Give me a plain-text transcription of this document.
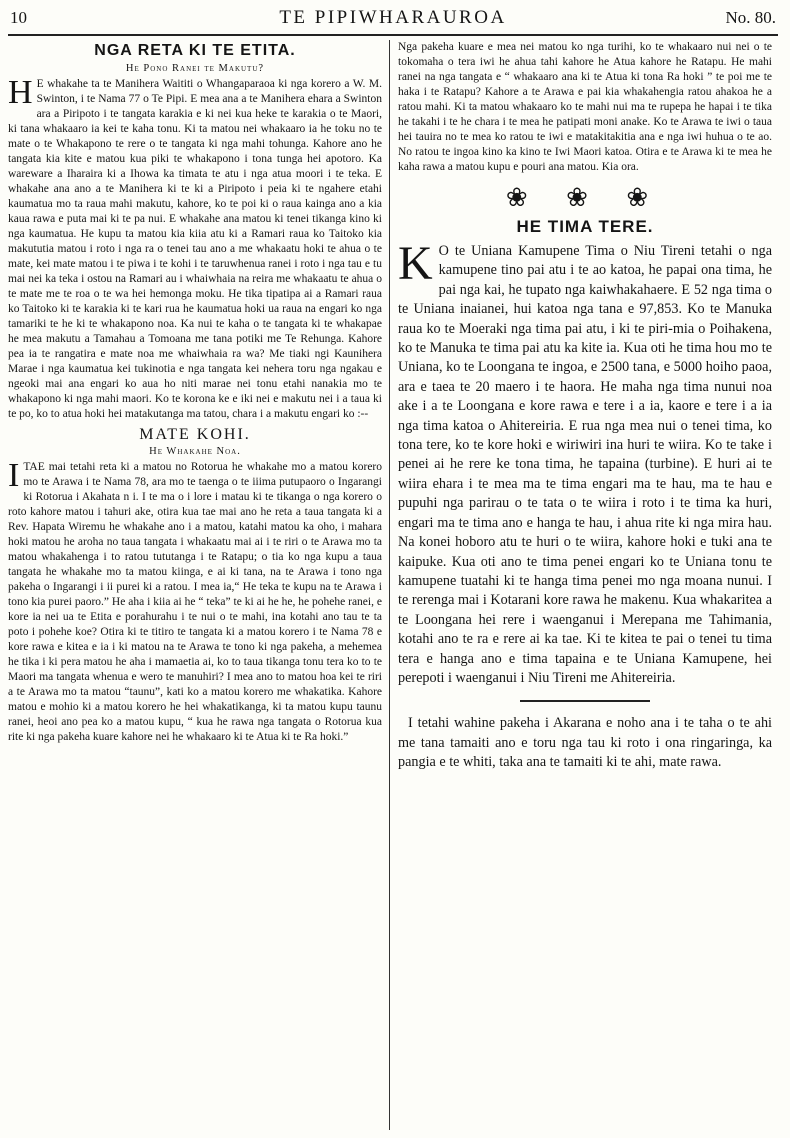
10	TE PIPIWHARAUROA	No. 80.
NGA RETA KI TE ETITA.
He Pono Ranei te Makutu?
H E whakahe ta te Manihera Waititi o Whangaparaoa ki nga korero a W. M. Swinton, i te Nama 77 o Te Pipi. E mea ana a te Manihera ehara a Swinton ara a Piripoto i te tangata karakia e ki nei kua heke te karakia o te Maori, ki tana whakaaro ia kei te kaha tonu. Ki ta matou nei whakaaro ia he toku no te mate o te Whakapono te rere o te tangata ki nga mahi tohunga. Kahore ano he tangata kia kite e matou kua piki te whakapono i tona tunga hei apotoro. Ka wareware a Iharaira ki a Ihowa ka timata te atu i nga atua moori i te teka. E whakahe ana ano a te Manihera ki te ki a Piripoto i peia ki te ngahere etahi kaumatua mo ta raua mahi makutu, kahore, ko te poi ki o raua kainga ano a kia kaua rawa e puta mai ki te pa nui. E whakahe ana matou ki tenei tikanga kino ki nga kaumatua. He kupu ta matou kia kiia atu ki a Ramari raua ko Taitoko kia makututia matou i roto i nga ra o tenei tau ano a me whakaatu hoki te ahua o te mate, kei mate matou i te piwa i te kohi i te taruwhenua ranei i roto i nga tau e tu mai nei ka teka i ostou na Ramari au i whaiwhaia na reira me whakaatu te ahua o te mate me te roa o te wa hei hemonga moku. He tika tipatipa ai a Ramari raua ko Taitoko ki te karakia ki te kari rua he kaumatua hoki ua raua na engari ko nga tamariki te he ki te whakapono noa. Ka nui te kaha o te tangata ki te whakapae he mea makutu a Tamahau a Tomoana me tana potiki me Te Rehunga. Kahore pea ia te rangatira e mate noa me whaiwhaia ra wa? Me tiaki ngi Kaunihera Marae i nga kaumatua kei tukinotia e nga tangata kei nehera toru nga ngakau e ngeoki mai ana engari ko aua ho niti marae nei tonu etahi nanakia mo te whakapono ki nga mahi maori. Ko te korona ke e iki nei e makutu nei i a taua ki te po, ko to atua hoki hei matakutanga ma tatou, chara i a makutu engari ko :--

MATE KOHI.
He Whakahe Noa.
I TAE mai tetahi reta ki a matou no Rotorua he whakahe mo a matou korero mo te Arawa i te Nama 78, ara mo te taenga o te iiima putupaoro o Ingarangi ki Rotorua i Akahata n i. I te ma o i lore i matau ki te tikanga o nga korero o roto kahore matou i tahuri ake, otira kua tae mai ano he reta a taua tangata ki a Rev. Hapata Wiremu he whakahe ano i a matou, katahi matou ka oho, i mahara hoki matou he aroha no taua tangata i whakaatu mai ai i te riri o te Arawa mo ta matou whakahenga i to ratou tututanga i te Ratapu; o tia ko nga kupu a taua tangata he whakahe mo ta matou kiinga, e ai ki tana, na te Arawa i tono nga pakeha o Ingarangi i ii purei ki a ratou. I mea ia,“ He teka te kupu na te Arawa i tono kia purei paoro.” He aha i kiia ai he “ teka” te ki ai he he, he pohehe ranei, e kore ia nei ua te Etita e porahurahu i te nui o te mahi, ina kotahi ano tau te ta poto i pohehe koe? Otira ki te titiro te tangata ki a matou korero i te Nama 78 e kore rawa e kitea e ia i ki matou na te Arawa te tono ki nga pakeha, a mehemea he tika i ki pera matou he aha i mamaetia ai, ko to taua tikanga tonu tera ko to te Maori ma tangata whenua e wero te manuhiri? I mea ano to matou hoa kei te riri a te Arawa mo ta matou “taunu”, kati ko a matou korero me whakatika. Kahore matou e mohio ki a matou korero he hei whakatikanga, ki ta matou kupu taunu ranei, heoi ano pea ko a matou kupu, “ kua he rawa nga tangata o Rotorua kua rite ki nga pakeha kuare kahore nei he whakaaro ki te Atua ki te Ra hoki.”

Nga pakeha kuare e mea nei matou ko nga turihi, ko te whakaaro nui nei o te tokomaha o tera iwi he ahua tahi kahore he Atua kahore he Ratapu. He mahi ranei na nga tangata e “ whakaaro ana ki te Atua ki tona Ra hoki ” te poi me te haka i te Ratapu? Kahore a te Arawa e pai kia whakahengia ratou ahakoa he a ratou mahi. Ki ta matou whakaaro ko te mahi nui ma te rupepa he hapai i te tika he takahi i te he chara i te mea he patipati moni anake. Ko te Arawa te iwi o taua hei tauira no te mea ko ratou te iwi e matakitakitia ana e nga iwi huhua o te ao. No ratou te ingoa kino ka kino te Iwi Maori katoa. Otira e te Arawa ki te mea he kaha rawa a matou kupu e pouri ana matou. Kia ora.

❀ ❀ ❀
HE TIMA TERE.
K O te Uniana Kamupene Tima o Niu Tireni tetahi o nga kamupene tino pai atu i te ao katoa, he papai ona tima, he pai nga kai, he tupato nga kaiwhakahaere. E 52 nga tima o te Uniana inaianei, hui katoa nga tana e 97,853. Ko te Manuka raua ko te Moeraki nga tima pai atu, i ki te piri-mia o Poihakena, ko te Manuka te tima pai atu ka kite ia. Kua oti he tima hou mo te Uniana, ko te Loongana te ingoa, e 2500 tana, e 5000 hoiho paoa, ara e taea te 20 maero i te haora. He maha nga tima nunui noa ake i a te Loongana e kore rawa e tere i a ia, kaore e tere i a ia nga tima katoa o Ahitereiria. E rua nga mea nui o tenei tima, ko tona tere, ko te kore hoki e wiriwiri ina huri te wiira. Ko te take i penei ai he rere ke tona tima, he tapaina (turbine). E huri ai te wiira ehara i te mea ma te tima engari ma te hau, ma te hau e pupuhi nga parirau o te tata o te wiira i roto i te tima ka huri, engari ma te tima ano e hanga te hau, i ahua rite ki nga mira hau. Na konei hoboro atu te huri o te wiira, kahore hoki e tuki ana te kaipuke. Kua oti ano te tima penei engari ko te Uniana tonu te kamupene tuatahi ki te hanga tima penei mo nga moana nunui. I te rerenga mai i Kotarani kore rawa he makenu. Kua whakaritea a te Loongana hei rere i waenganui i Merepana me Tahimania, kotahi ano te ra e rere ai ka tae. Ki te kitea te pai o tenei tu tima tera e hanga ano e tima tapaina e te Uniana Kamupene, hei perepoti i waenganui i Niu Tireni me Ahitereiria.

I tetahi wahine pakeha i Akarana e noho ana i te taha o te ahi me tana tamaiti ano e toru nga tau ki roto i ona ringaringa, ka pangia e te whiti, taka ana te tamaiti ki te ahi, mate rawa.
